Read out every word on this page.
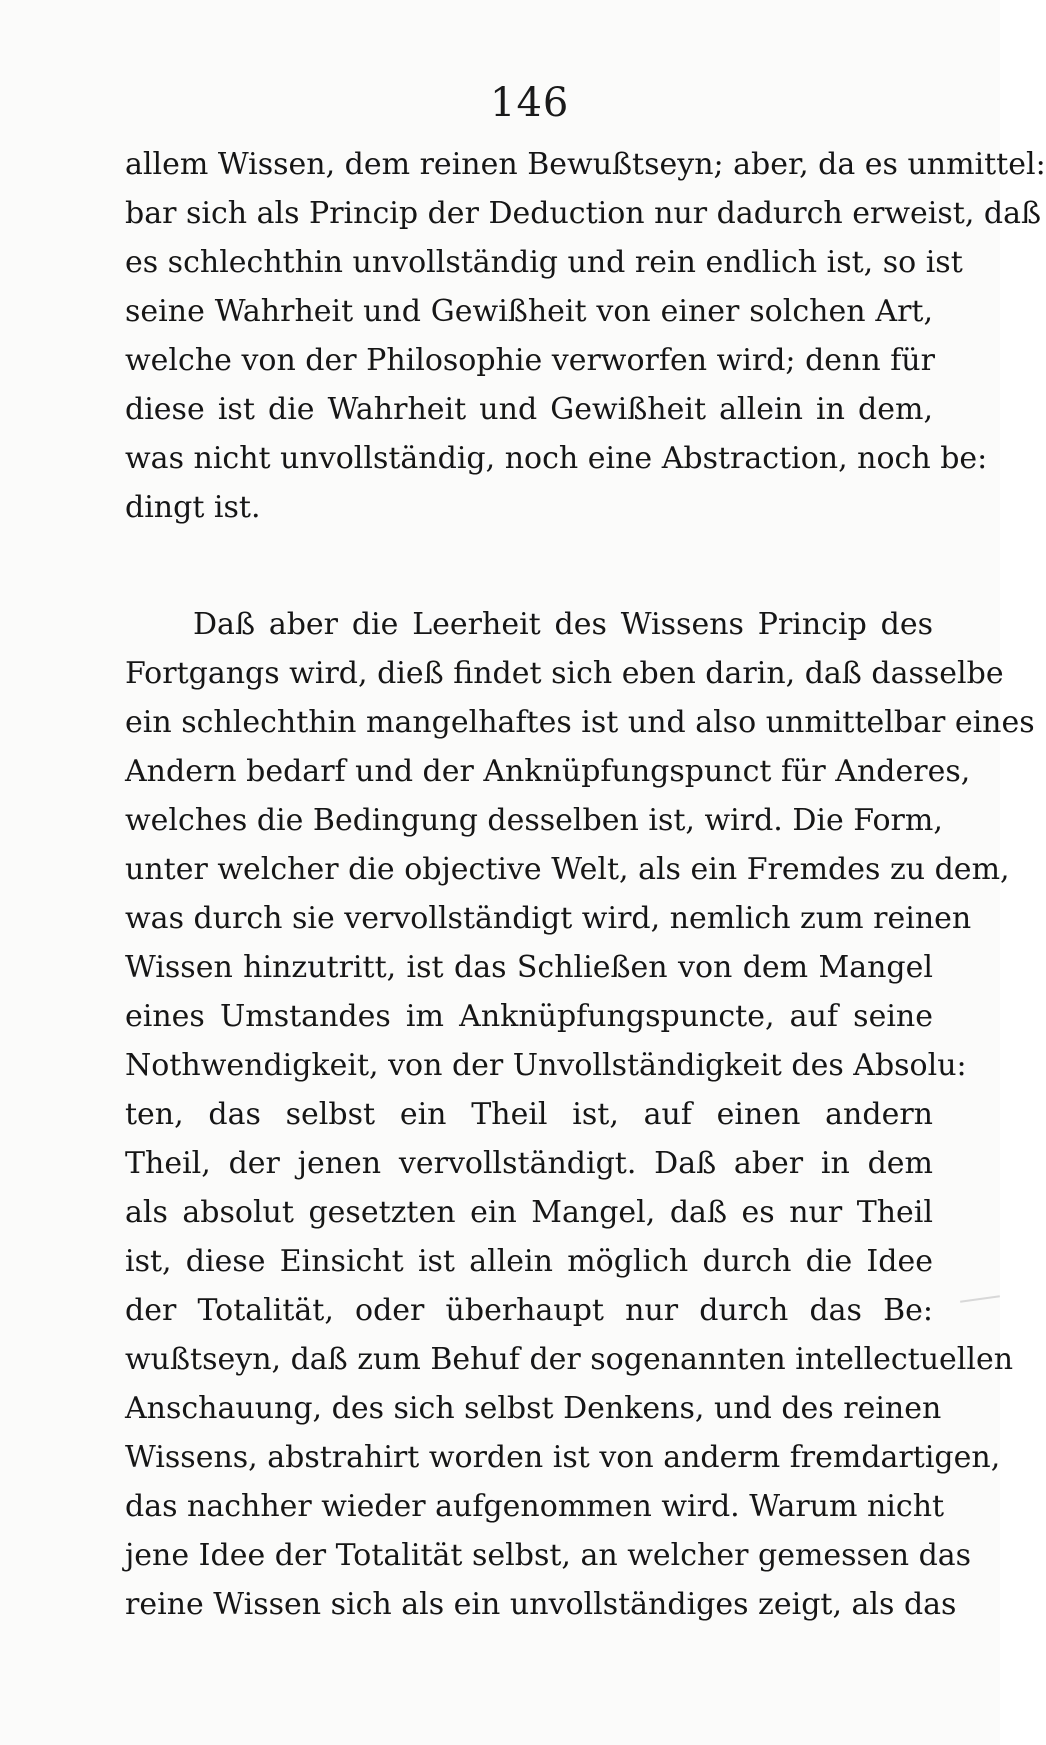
146
allem Wissen, dem reinen Bewußtseyn; aber, da es unmittel:
bar sich als Princip der Deduction nur dadurch erweist, daß
es schlechthin unvollständig und rein endlich ist, so ist
seine Wahrheit und Gewißheit von einer solchen Art,
welche von der Philosophie verworfen wird; denn für
diese ist die Wahrheit und Gewißheit allein in dem,
was nicht unvollständig, noch eine Abstraction, noch be:
dingt ist.
Daß aber die Leerheit des Wissens Princip des
Fortgangs wird, dieß findet sich eben darin, daß dasselbe
ein schlechthin mangelhaftes ist und also unmittelbar eines
Andern bedarf und der Anknüpfungspunct für Anderes,
welches die Bedingung desselben ist, wird. Die Form,
unter welcher die objective Welt, als ein Fremdes zu dem,
was durch sie vervollständigt wird, nemlich zum reinen
Wissen hinzutritt, ist das Schließen von dem Mangel
eines Umstandes im Anknüpfungspuncte, auf seine
Nothwendigkeit, von der Unvollständigkeit des Absolu:
ten, das selbst ein Theil ist, auf einen andern
Theil, der jenen vervollständigt. Daß aber in dem
als absolut gesetzten ein Mangel, daß es nur Theil
ist, diese Einsicht ist allein möglich durch die Idee
der Totalität, oder überhaupt nur durch das Be:
wußtseyn, daß zum Behuf der sogenannten intellectuellen
Anschauung, des sich selbst Denkens, und des reinen
Wissens, abstrahirt worden ist von anderm fremdartigen,
das nachher wieder aufgenommen wird. Warum nicht
jene Idee der Totalität selbst, an welcher gemessen das
reine Wissen sich als ein unvollständiges zeigt, als das
